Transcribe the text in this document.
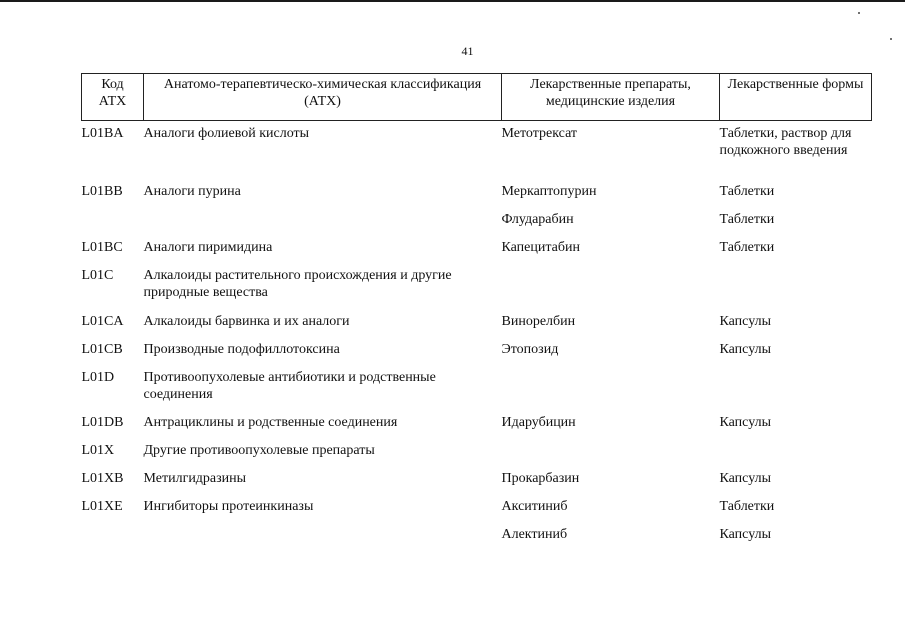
41
Код АТХ	Анатомо-терапевтическо-химическая классификация (АТХ)	Лекарственные препараты, медицинские изделия	Лекарственные формы
L01BA	Аналоги фолиевой кислоты	Метотрексат	Таблетки, раствор для подкожного введения
L01BB	Аналоги пурина	Меркаптопурин	Таблетки
		Флударабин	Таблетки
L01BC	Аналоги пиримидина	Капецитабин	Таблетки
L01C	Алкалоиды растительного происхождения и другие природные вещества		
L01CA	Алкалоиды барвинка и их аналоги	Винорелбин	Капсулы
L01CB	Производные подофиллотоксина	Этопозид	Капсулы
L01D	Противоопухолевые антибиотики и родственные соединения		
L01DB	Антрациклины и родственные соединения	Идарубицин	Капсулы
L01X	Другие противоопухолевые препараты		
L01XB	Метилгидразины	Прокарбазин	Капсулы
L01XE	Ингибиторы протеинкиназы	Акситиниб	Таблетки
		Алектиниб	Капсулы
